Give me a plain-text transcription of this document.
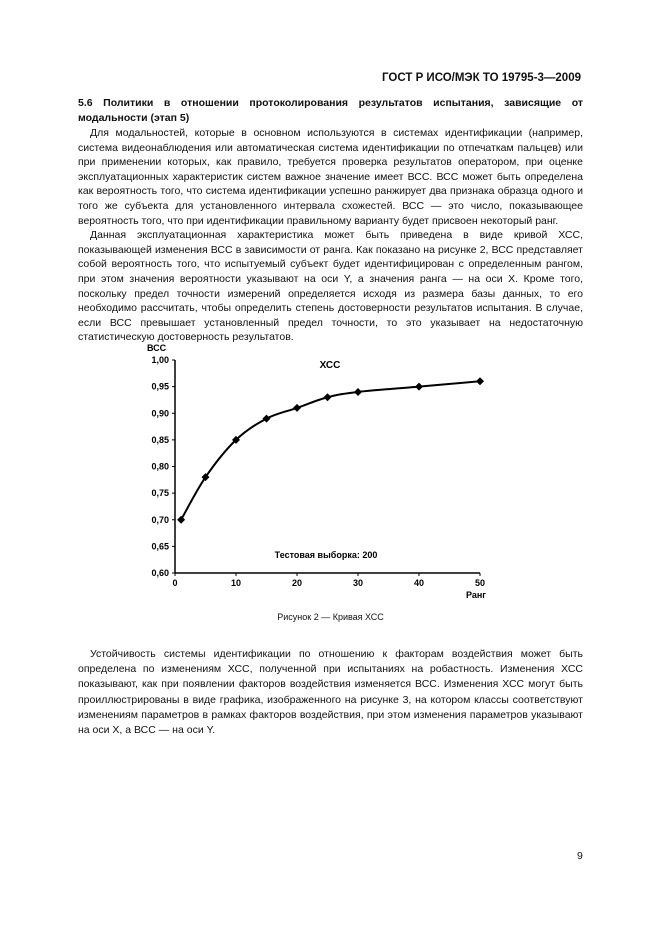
ГОСТ Р ИСО/МЭК ТО 19795-3—2009
5.6 Политики в отношении протоколирования результатов испытания, зависящие от модальности (этап 5)

Для модальностей, которые в основном используются в системах идентификации (например, система видеонаблюдения или автоматическая система идентификации по отпечаткам пальцев) или при применении которых, как правило, требуется проверка результатов оператором, при оценке эксплуатационных характеристик систем важное значение имеет ВСС. ВСС может быть определена как вероятность того, что система идентификации успешно ранжирует два признака образца одного и того же субъекта для установленного интервала схожестей. ВСС — это число, показывающее вероятность того, что при идентификации правильному варианту будет присвоен некоторый ранг.

Данная эксплуатационная характеристика может быть приведена в виде кривой ХСС, показывающей изменения ВСС в зависимости от ранга. Как показано на рисунке 2, ВСС представляет собой вероятность того, что испытуемый субъект будет идентифицирован с определенным рангом, при этом значения вероятности указывают на оси Y, а значения ранга — на оси X. Кроме того, поскольку предел точности измерений определяется исходя из размера базы данных, то его необходимо рассчитать, чтобы определить степень достоверности результатов испытания. В случае, если ВСС превышает установленный предел точности, то это указывает на недостаточную статистическую достоверность результатов.

0,60
0,65
0,70
0,75
0,80
0,85
0,90
0,95
1,00
0	10	20	30	40	50
ХСС
ВСС
Ранг
Тестовая выборка: 200
Рисунок 2 — Кривая ХСС

Устойчивость системы идентификации по отношению к факторам воздействия может быть определена по изменениям ХСС, полученной при испытаниях на робастность. Изменения ХСС показывают, как при появлении факторов воздействия изменяется ВСС. Изменения ХСС могут быть проиллюстрированы в виде графика, изображенного на рисунке 3, на котором классы соответствуют изменениям параметров в рамках факторов воздействия, при этом изменения параметров указывают на оси X, а ВСС — на оси Y.

9
